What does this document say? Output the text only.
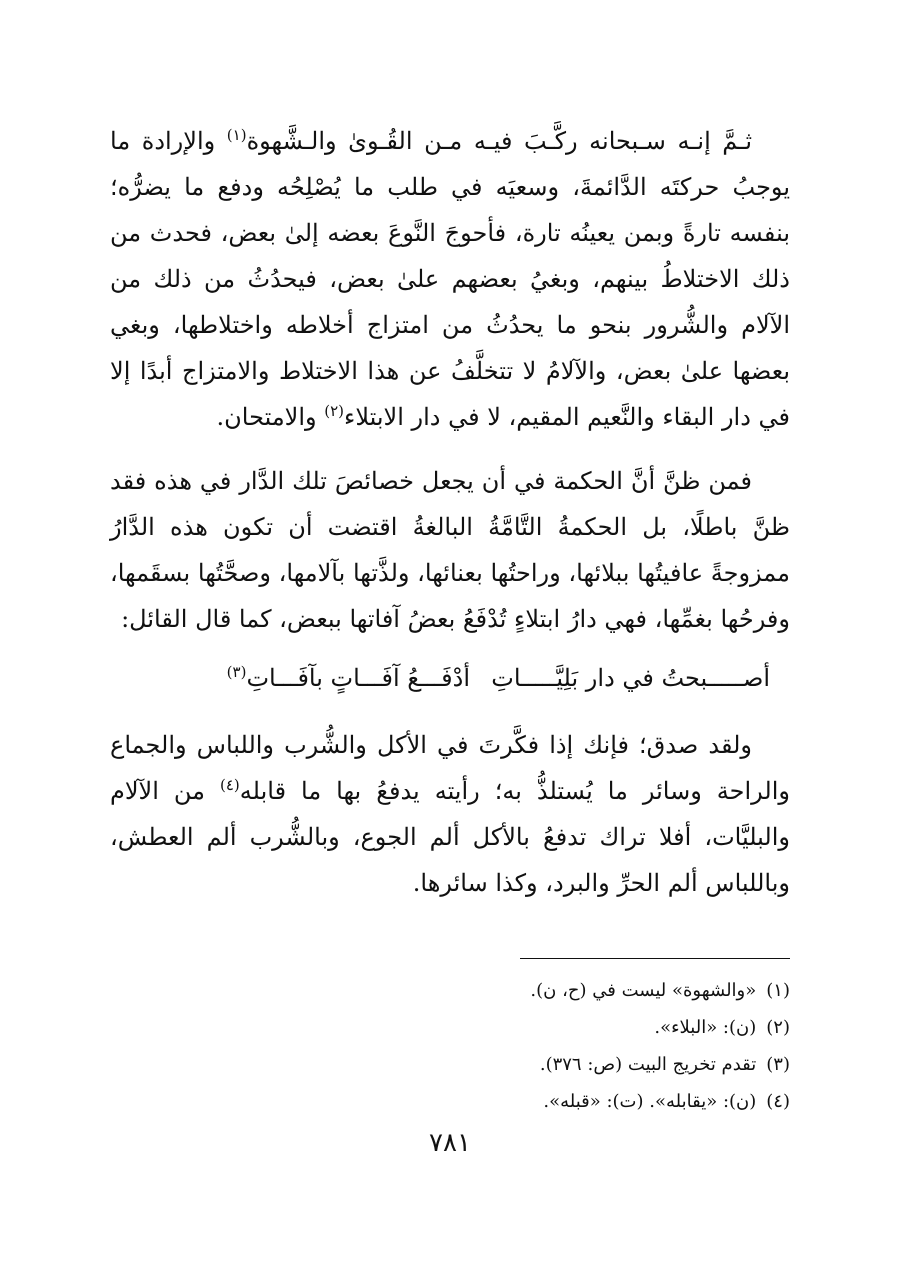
ثـمَّ إنـه سـبحانه ركَّـبَ فيـه مـن القُـوىٰ والـشَّهوة$^{(١)}$ والإرادة ما يوجبُ حركتَه الدَّائمةَ، وسعيَه في طلب ما يُصْلِحُه ودفع ما يضرُّه؛ بنفسه تارةً وبمن يعينُه تارة، فأحوجَ النَّوعَ بعضه إلىٰ بعض، فحدث من ذلك الاختلاطُ بينهم، وبغيُ بعضهم علىٰ بعض، فيحدُثُ من ذلك من الآلام والشُّرور بنحو ما يحدُثُ من امتزاج أخلاطه واختلاطها، وبغي بعضها علىٰ بعض، والآلامُ لا تتخلَّفُ عن هذا الاختلاط والامتزاج أبدًا إلا في دار البقاء والنَّعيم المقيم، لا في دار الابتلاء$^{(٢)}$ والامتحان.

فمن ظنَّ أنَّ الحكمة في أن يجعل خصائصَ تلك الدَّار في هذه فقد ظنَّ باطلًا، بل الحكمةُ التَّامَّةُ البالغةُ اقتضت أن تكون هذه الدَّارُ ممزوجةً عافيتُها ببلائها، وراحتُها بعنائها، ولذَّتها بآلامها، وصحَّتُها بسقَمها، وفرحُها بغمِّها، فهي دارُ ابتلاءٍ تُدْفَعُ بعضُ آفاتها ببعض، كما قال القائل:

أصـــــبحتُ في دار بَلِيَّـــــاتِ
أدْفَـــعُ آفَـــاتٍ بآفَـــاتِ$^{(٣)}$

ولقد صدق؛ فإنك إذا فكَّرتَ في الأكل والشُّرب واللباس والجماع والراحة وسائر ما يُستلذُّ به؛ رأيته يدفعُ بها ما قابله$^{(٤)}$ من الآلام والبليَّات، أفلا تراك تدفعُ بالأكل ألم الجوع، وبالشُّرب ألم العطش، وباللباس ألم الحرِّ والبرد، وكذا سائرها.

(١)«والشهوة» ليست في (ح، ن).
(٢)(ن): «البلاء».
(٣)تقدم تخريج البيت (ص: ٣٧٦).
(٤)(ن): «يقابله». (ت): «قبله».
٧٨١
